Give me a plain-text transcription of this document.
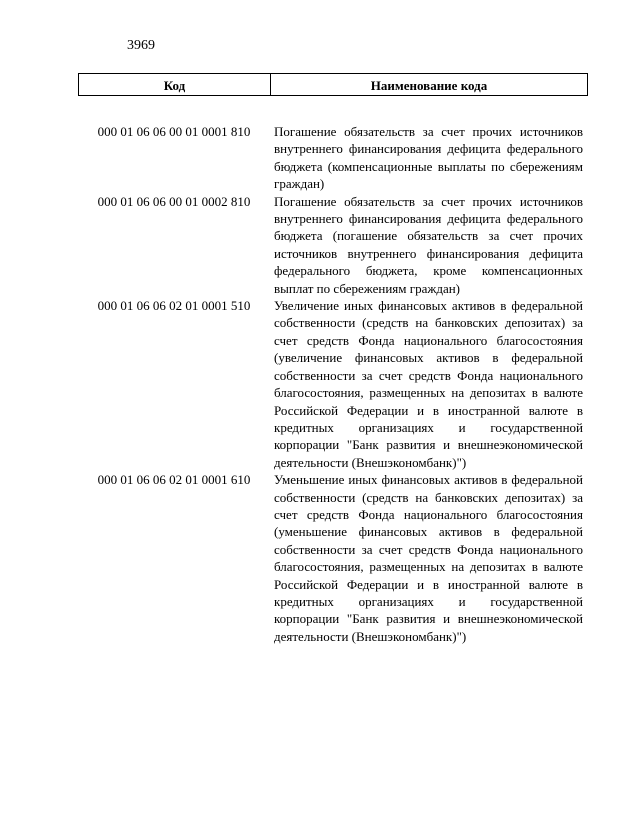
3969
Код	Наименование кода
000 01 06 06 00 01 0001 810	Погашение обязательств за счет прочих источников внутреннего финансирования дефицита федерального бюджета (компенсационные выплаты по сбережениям граждан)
000 01 06 06 00 01 0002 810	Погашение обязательств за счет прочих источников внутреннего финансирования дефицита федерального бюджета (погашение обязательств за счет прочих источников внутреннего финансирования дефицита федерального бюджета, кроме компенсационных выплат по сбережениям граждан)
000 01 06 06 02 01 0001 510	Увеличение иных финансовых активов в федеральной собственности (средств на банковских депозитах) за счет средств Фонда национального благосостояния (увеличение финансовых активов в федеральной собственности за счет средств Фонда национального благосостояния, размещенных на депозитах в валюте Российской Федерации и в иностранной валюте в кредитных организациях и государственной корпорации "Банк развития и внешнеэкономической деятельности (Внешэкономбанк)")
000 01 06 06 02 01 0001 610	Уменьшение иных финансовых активов в федеральной собственности (средств на банковских депозитах) за счет средств Фонда национального благосостояния (уменьшение финансовых активов в федеральной собственности за счет средств Фонда национального благосостояния, размещенных на депозитах в валюте Российской Федерации и в иностранной валюте в кредитных организациях и государственной корпорации "Банк развития и внешнеэкономической деятельности (Внешэкономбанк)")
